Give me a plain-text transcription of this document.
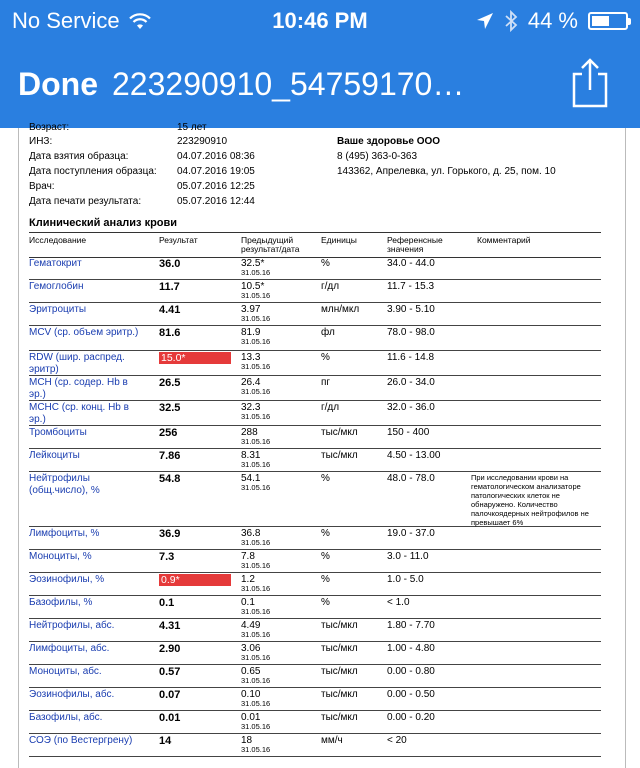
No Service	10:46 PM	44 %
Done 223290910_54759170…
Возраст:	15 лет
ИНЗ:	223290910
Дата взятия образца:	04.07.2016 08:36
Дата поступления образца: 04.07.2016 19:05
Врач:	05.07.2016 12:25
Дата печати результата:	05.07.2016 12:44
Ваше здоровье ООО
8 (495) 363-0-363
143362, Апрелевка, ул. Горького, д. 25, пом. 10
Клинический анализ крови
Исследование	Результат	Предыдущий
результат/дата
Единицы	Референсные
значения
Комментарий
Гематокрит	36.0	32.5*
31.05.16
%	34.0 - 44.0
Гемоглобин	11.7	10.5*
31.05.16
г/дл	11.7 - 15.3
Эритроциты	4.41	3.97
31.05.16
млн/мкл	3.90 - 5.10
MCV (ср. объем эритр.)	81.6	81.9
31.05.16
фл	78.0 - 98.0
RDW (шир. распред. эритр)
15.0*	13.3
31.05.16
%	11.6 - 14.8
MCH (ср. содер. Hb в эр.)
26.5	26.4
31.05.16
пг	26.0 - 34.0
MCHC (ср. конц. Hb в эр.)
32.5	32.3
31.05.16
г/дл	32.0 - 36.0
Тромбоциты	256	288
31.05.16
тыс/мкл	150 - 400
Лейкоциты	7.86	8.31
31.05.16
тыс/мкл	4.50 - 13.00
Нейтрофилы (общ.число), %
54.8	54.1
31.05.16
%	48.0 - 78.0	При исследовании крови на гематологическом анализаторе патологических клеток не обнаружено. Количество палочкоядерных нейтрофилов не превышает 6%
Лимфоциты, %	36.9	36.8
31.05.16
%	19.0 - 37.0
Моноциты, %	7.3	7.8
31.05.16
%	3.0 - 11.0
Эозинофилы, %	0.9*	1.2
31.05.16
%	1.0 - 5.0
Базофилы, %	0.1	0.1
31.05.16
%	< 1.0
Нейтрофилы, абс.	4.31	4.49
31.05.16
тыс/мкл	1.80 - 7.70
Лимфоциты, абс.	2.90	3.06
31.05.16
тыс/мкл	1.00 - 4.80
Моноциты, абс.	0.57	0.65
31.05.16
тыс/мкл	0.00 - 0.80
Эозинофилы, абс.	0.07	0.10
31.05.16
тыс/мкл	0.00 - 0.50
Базофилы, абс.	0.01	0.01
31.05.16
тыс/мкл	0.00 - 0.20
СОЭ (по Вестергрену)	14	18
31.05.16
мм/ч	< 20
